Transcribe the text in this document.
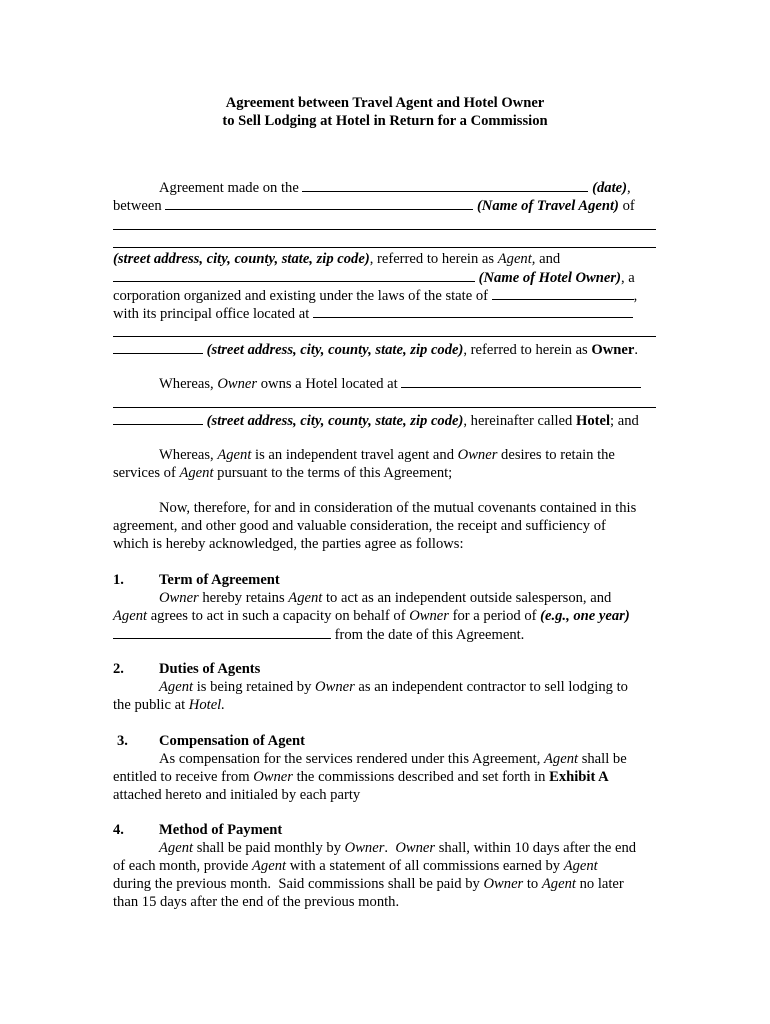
Agreement between Travel Agent and Hotel Owner
to Sell Lodging at Hotel in Return for a Commission
Agreement made on the	(date),
between	(Name of Travel Agent) of
(street address, city, county, state, zip code), referred to herein as Agent, and
(Name of Hotel Owner), a
corporation organized and existing under the laws of the state of	,
with its principal office located at
(street address, city, county, state, zip code), referred to herein as Owner.
Whereas, Owner owns a Hotel located at
(street address, city, county, state, zip code), hereinafter called Hotel; and
Whereas, Agent is an independent travel agent and Owner desires to retain the
services of Agent pursuant to the terms of this Agreement;
Now, therefore, for and in consideration of the mutual covenants contained in this
agreement, and other good and valuable consideration, the receipt and sufficiency of
which is hereby acknowledged, the parties agree as follows:
1. Term of Agreement
Owner hereby retains Agent to act as an independent outside salesperson, and
Agent agrees to act in such a capacity on behalf of Owner for a period of (e.g., one year)
from the date of this Agreement.
2. Duties of Agents
Agent is being retained by Owner as an independent contractor to sell lodging to
the public at Hotel.
3. Compensation of Agent
As compensation for the services rendered under this Agreement, Agent shall be
entitled to receive from Owner the commissions described and set forth in Exhibit A
attached hereto and initialed by each party
4. Method of Payment
Agent shall be paid monthly by Owner.  Owner shall, within 10 days after the end
of each month, provide Agent with a statement of all commissions earned by Agent
during the previous month.  Said commissions shall be paid by Owner to Agent no later
than 15 days after the end of the previous month.
